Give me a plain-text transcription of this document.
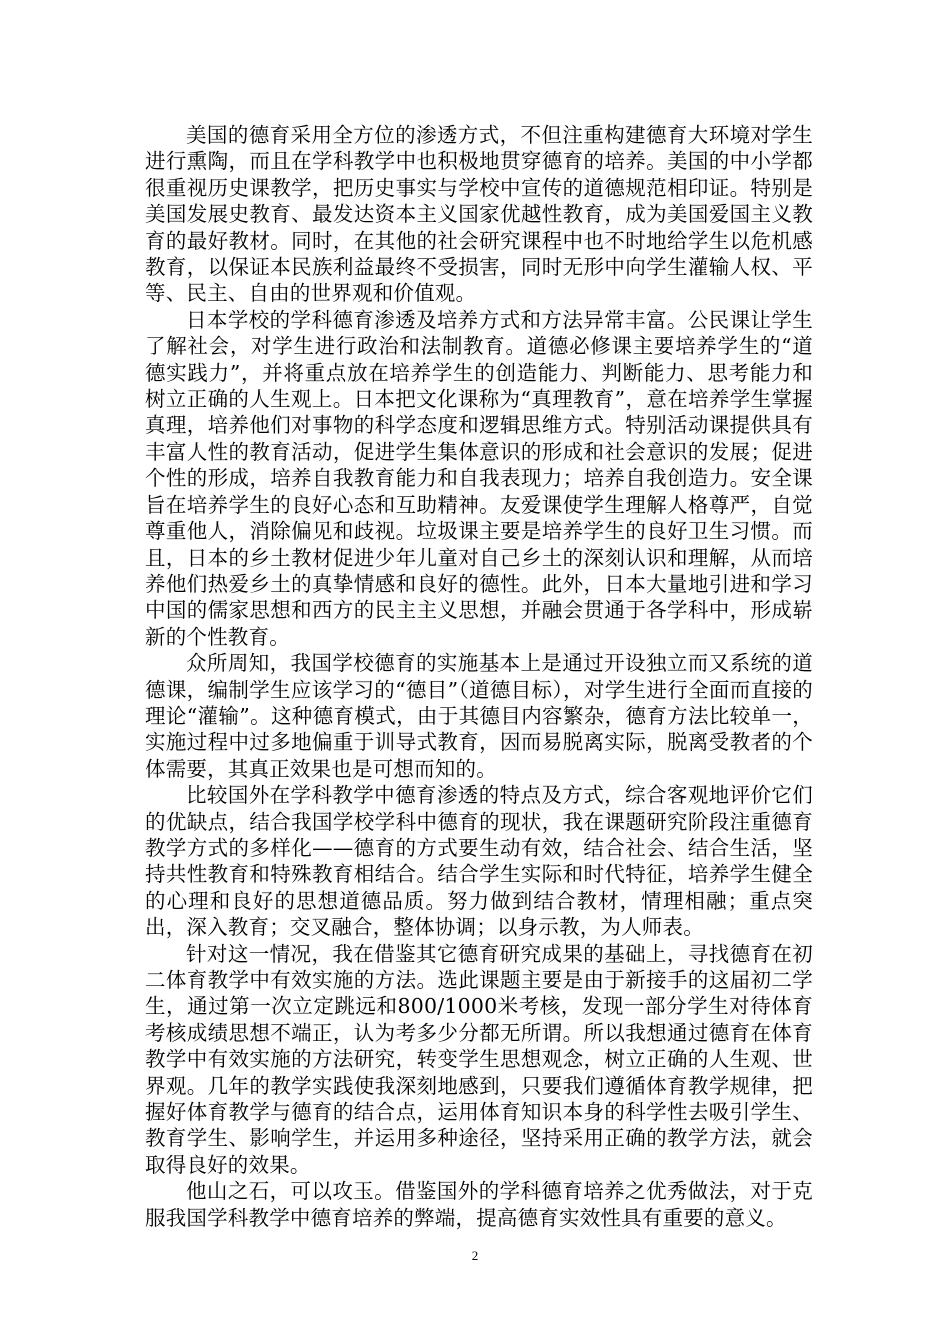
美国的德育采用全方位的渗透方式，不但注重构建德育大环境对学生进行熏陶，而且在学科教学中也积极地贯穿德育的培养。美国的中小学都很重视历史课教学，把历史事实与学校中宣传的道德规范相印证。特别是美国发展史教育、最发达资本主义国家优越性教育，成为美国爱国主义教育的最好教材。同时，在其他的社会研究课程中也不时地给学生以危机感教育，以保证本民族利益最终不受损害，同时无形中向学生灌输人权、平等、民主、自由的世界观和价值观。

日本学校的学科德育渗透及培养方式和方法异常丰富。公民课让学生了解社会，对学生进行政治和法制教育。道德必修课主要培养学生的“道德实践力”，并将重点放在培养学生的创造能力、判断能力、思考能力和树立正确的人生观上。日本把文化课称为“真理教育”，意在培养学生掌握真理，培养他们对事物的科学态度和逻辑思维方式。特别活动课提供具有丰富人性的教育活动，促进学生集体意识的形成和社会意识的发展；促进个性的形成，培养自我教育能力和自我表现力；培养自我创造力。安全课旨在培养学生的良好心态和互助精神。友爱课使学生理解人格尊严，自觉尊重他人，消除偏见和歧视。垃圾课主要是培养学生的良好卫生习惯。而且，日本的乡土教材促进少年儿童对自己乡土的深刻认识和理解，从而培养他们热爱乡土的真挚情感和良好的德性。此外，日本大量地引进和学习中国的儒家思想和西方的民主主义思想，并融会贯通于各学科中，形成崭新的个性教育。

众所周知，我国学校德育的实施基本上是通过开设独立而又系统的道德课，编制学生应该学习的“德目”（道德目标），对学生进行全面而直接的理论“灌输”。这种德育模式，由于其德目内容繁杂，德育方法比较单一，实施过程中过多地偏重于训导式教育，因而易脱离实际，脱离受教者的个体需要，其真正效果也是可想而知的。

比较国外在学科教学中德育渗透的特点及方式，综合客观地评价它们的优缺点，结合我国学校学科中德育的现状，我在课题研究阶段注重德育教学方式的多样化——德育的方式要生动有效，结合社会、结合生活，坚持共性教育和特殊教育相结合。结合学生实际和时代特征，培养学生健全的心理和良好的思想道德品质。努力做到结合教材，情理相融；重点突出，深入教育；交叉融合，整体协调；以身示教，为人师表。

针对这一情况，我在借鉴其它德育研究成果的基础上，寻找德育在初二体育教学中有效实施的方法。选此课题主要是由于新接手的这届初二学生，通过第一次立定跳远和800/1000米考核，发现一部分学生对待体育考核成绩思想不端正，认为考多少分都无所谓。所以我想通过德育在体育教学中有效实施的方法研究，转变学生思想观念，树立正确的人生观、世界观。几年的教学实践使我深刻地感到，只要我们遵循体育教学规律，把握好体育教学与德育的结合点，运用体育知识本身的科学性去吸引学生、教育学生、影响学生，并运用多种途径，坚持采用正确的教学方法，就会取得良好的效果。

他山之石，可以攻玉。借鉴国外的学科德育培养之优秀做法，对于克服我国学科教学中德育培养的弊端，提高德育实效性具有重要的意义。

2
